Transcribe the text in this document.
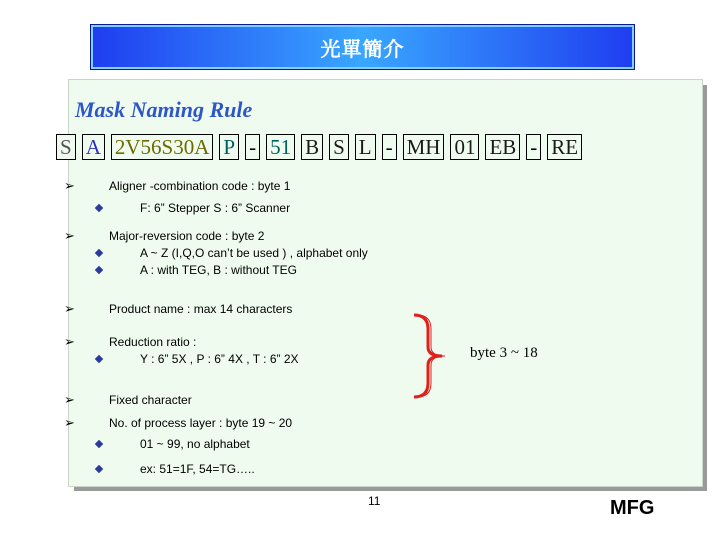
光單簡介
Mask Naming Rule
S A 2V56S30A P - 51 B S L - MH 01 EB - RE
➢	Aligner -combination code : byte 1
F: 6” Stepper S : 6” Scanner
➢	Major-reversion code : byte 2
A ~ Z (I,Q,O can’t be used ) , alphabet only
A : with TEG, B : without TEG
➢	Product name : max 14 characters
➢	Reduction ratio :
Y : 6” 5X , P : 6” 4X , T : 6” 2X
➢	Fixed character
➢	No. of process layer : byte 19 ~ 20
01 ~ 99, no alphabet
ex: 51=1F, 54=TG…..
byte 3 ~ 18
11	MFG
